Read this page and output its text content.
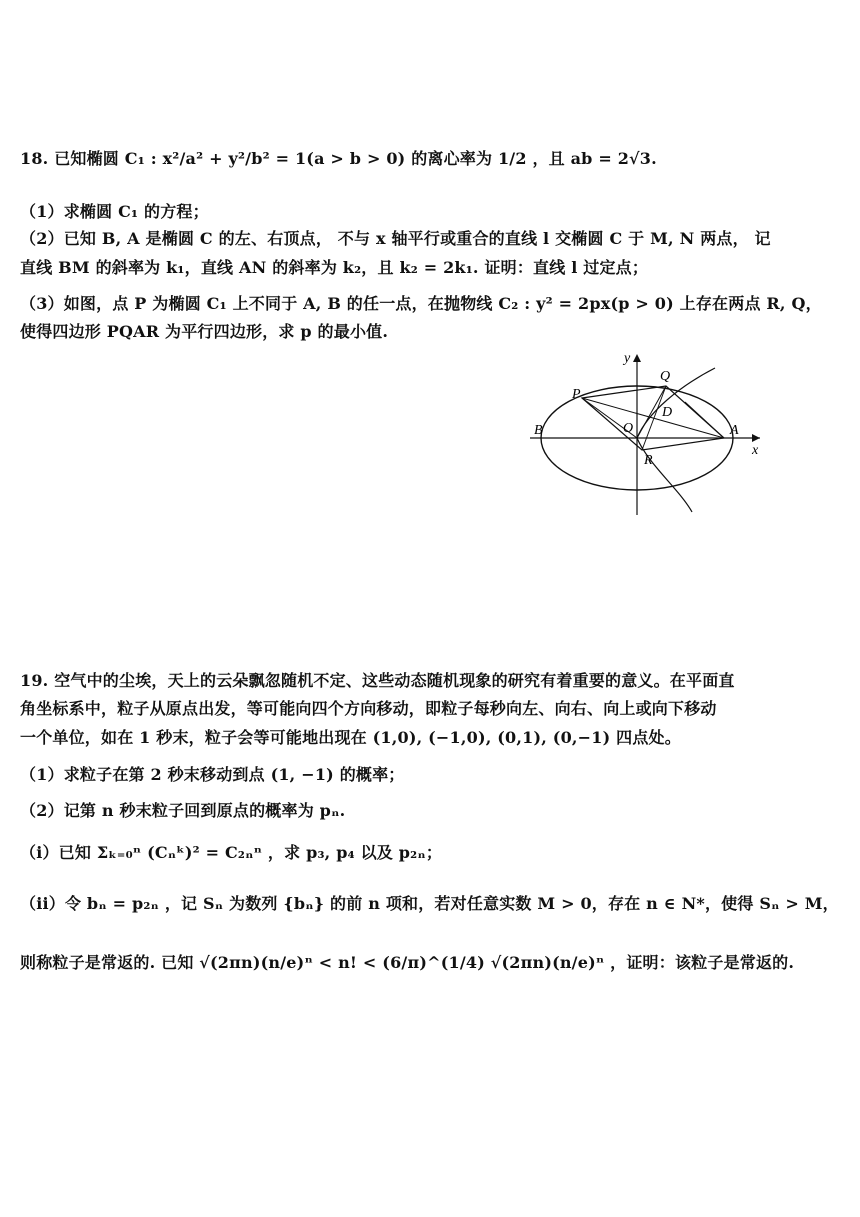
18. 已知椭圆 C₁ : x²/a² + y²/b² = 1(a > b > 0) 的离心率为 1/2 ，且 ab = 2√3.
（1）求椭圆 C₁ 的方程；
（2）已知 B, A 是椭圆 C 的左、右顶点， 不与 x 轴平行或重合的直线 l 交椭圆 C 于 M, N 两点， 记
直线 BM 的斜率为 k₁，直线 AN 的斜率为 k₂，且 k₂ = 2k₁. 证明：直线 l 过定点；
（3）如图，点 P 为椭圆 C₁ 上不同于 A, B 的任一点，在抛物线 C₂ : y² = 2px(p > 0) 上存在两点 R, Q，
使得四边形 PQAR 为平行四边形，求 p 的最小值.
y
x
P
Q
D
B	O	A
R
19. 空气中的尘埃，天上的云朵飘忽随机不定、这些动态随机现象的研究有着重要的意义。在平面直
角坐标系中，粒子从原点出发，等可能向四个方向移动，即粒子每秒向左、向右、向上或向下移动
一个单位，如在 1 秒末，粒子会等可能地出现在 (1,0), (−1,0), (0,1), (0,−1) 四点处。
（1）求粒子在第 2 秒末移动到点 (1, −1) 的概率；
（2）记第 n 秒末粒子回到原点的概率为 pₙ.
（i）已知 Σₖ₌₀ⁿ (Cₙᵏ)² = C₂ₙⁿ ，求 p₃, p₄ 以及 p₂ₙ；
（ii）令 bₙ = p₂ₙ ，记 Sₙ 为数列 {bₙ} 的前 n 项和，若对任意实数 M > 0，存在 n ∈ N*，使得 Sₙ > M，
则称粒子是常返的. 已知 √(2πn)(n/e)ⁿ < n! < (6/π)^(1/4) √(2πn)(n/e)ⁿ ，证明：该粒子是常返的.
